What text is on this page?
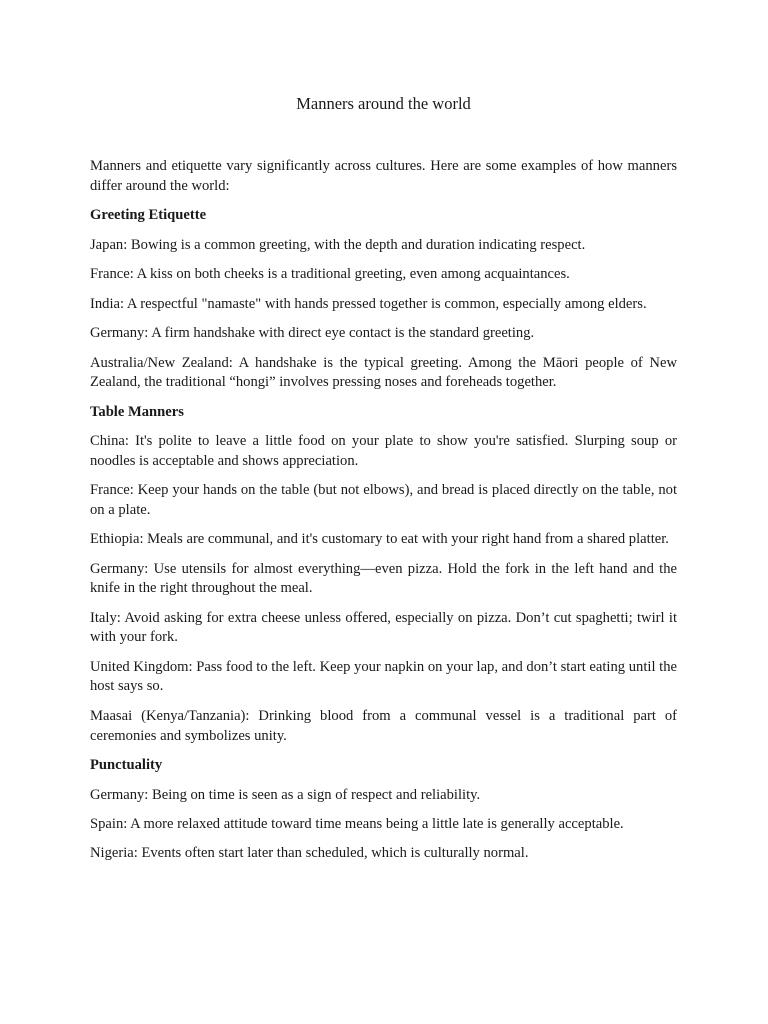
Manners around the world

Manners and etiquette vary significantly across cultures. Here are some examples of how manners differ around the world:

Greeting Etiquette

Japan: Bowing is a common greeting, with the depth and duration indicating respect.

France: A kiss on both cheeks is a traditional greeting, even among acquaintances.

India: A respectful "namaste" with hands pressed together is common, especially among elders.

Germany: A firm handshake with direct eye contact is the standard greeting.

Australia/New Zealand: A handshake is the typical greeting. Among the Māori people of New Zealand, the traditional “hongi” involves pressing noses and foreheads together.

Table Manners

China: It's polite to leave a little food on your plate to show you're satisfied. Slurping soup or noodles is acceptable and shows appreciation.

France: Keep your hands on the table (but not elbows), and bread is placed directly on the table, not on a plate.

Ethiopia: Meals are communal, and it's customary to eat with your right hand from a shared platter.

Germany: Use utensils for almost everything—even pizza. Hold the fork in the left hand and the knife in the right throughout the meal.

Italy: Avoid asking for extra cheese unless offered, especially on pizza. Don’t cut spaghetti; twirl it with your fork.

United Kingdom: Pass food to the left. Keep your napkin on your lap, and don’t start eating until the host says so.

Maasai (Kenya/Tanzania): Drinking blood from a communal vessel is a traditional part of ceremonies and symbolizes unity.

Punctuality

Germany: Being on time is seen as a sign of respect and reliability.

Spain: A more relaxed attitude toward time means being a little late is generally acceptable.

Nigeria: Events often start later than scheduled, which is culturally normal.
